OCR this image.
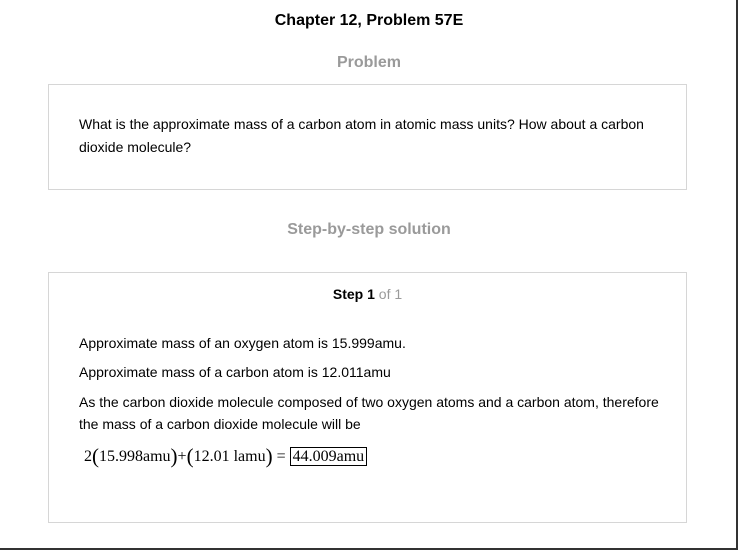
Chapter 12, Problem 57E
Problem
What is the approximate mass of a carbon atom in atomic mass units? How about a carbon dioxide molecule?
Step-by-step solution
Step 1 of 1
Approximate mass of an oxygen atom is 15.999amu.
Approximate mass of a carbon atom is 12.011amu
As the carbon dioxide molecule composed of two oxygen atoms and a carbon atom, therefore the mass of a carbon dioxide molecule will be
2(15.998amu)+(12.01 lamu) = 44.009amu
